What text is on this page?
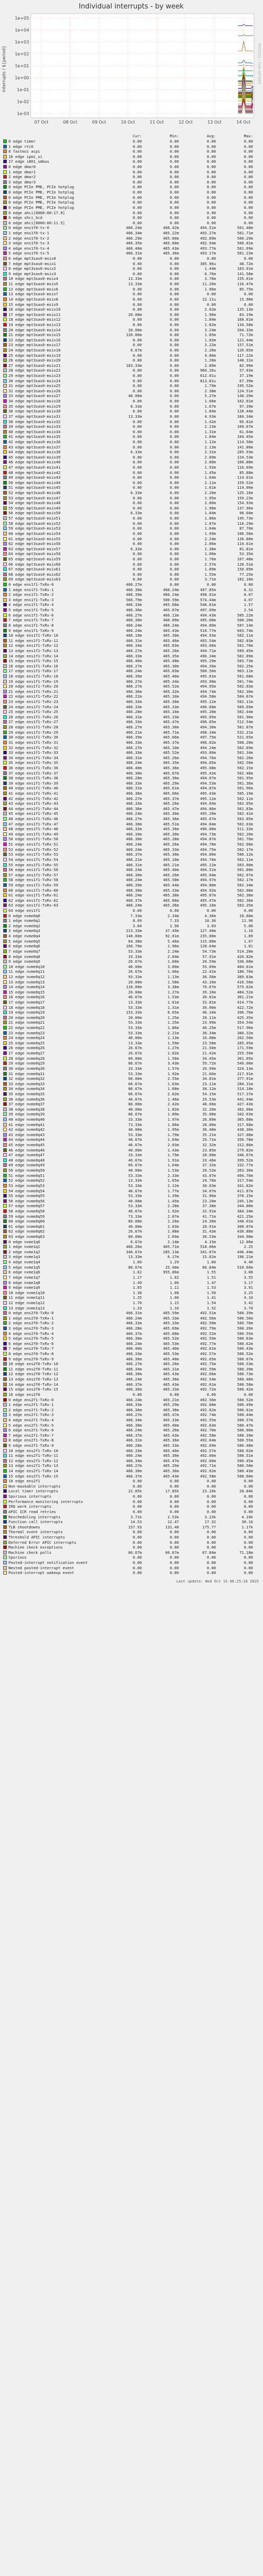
Individual interrupts - by week
interrupts / ${period}
1e+05
1e+04
1e+03
1e+02
1e+01
1e+00
1e-01
1e-02
1e-03
07 Oct	08 Oct	09 Oct	10 Oct	11 Oct	12 Oct	13 Oct	14 Oct
RRDTOOL / TOBI OETIKER
Cur:	Min:	Avg:	Max:
0 edge timer	0.00	0.00	0.00	0.00
1 edge rtc0	0.00	0.00	0.00	0.00
8 fasteoi acpi	0.00	0.00	0.00	0.00
16 edge ipmi_si	0.00	0.00	0.00	0.00
17 edge i801_smbus	0.00	0.00	0.00	0.00
0 edge dmar0	0.00	0.00	0.00	0.00
1 edge dmar1	0.00	0.00	0.00	0.00
2 edge dmar2	0.00	0.00	0.00	0.00
3 edge dmar3	0.00	0.00	0.00	0.00
0 edge PCIe PME, PCIe hotplug	0.00	0.00	0.00	0.00
0 edge PCIe PME, PCIe hotplug	0.00	0.00	0.00	0.00
0 edge PCIe PME, PCIe hotplug	0.00	0.00	0.00	0.00
0 edge PCIe PME, PCIe hotplug	0.00	0.00	0.00	0.00
0 edge PCIe PME, PCIe hotplug	0.00	0.00	0.00	0.00
0 edge ahci[0000:00:17.0]	0.00	0.00	0.00	0.00
0 edge xhci_hcd	0.00	0.00	0.00	0.00
0 edge ahci[0000:00:11.5]	0.00	0.00	0.00	0.00
0 edge ens1f0-tx-0	466.24m	466.42m	494.51m	501.48m
1 edge ens1f0-tx-1	466.34m	465.22m	493.27m	501.71m
2 edge ens1f0-tx-2	466.29m	465.60m	492.89m	500.29m
3 edge ens1f0-tx-3	466.35m	465.60m	492.94m	500.81m
4 edge ens1f0-tx-4	466.40m	465.43m	493.77m	501.69m
5 edge ens1f0-tx-5	466.31m	465.36m	493.17m	501.23m
6 edge mpt3sas0-msix0	0.00	0.00	0.00	0.00
7 edge mpt3sas0-msix1	0.00	0.00	305.96u	48.72m
8 edge mpt3sas0-msix2	0.00	0.00	1.44m	103.91m
9 edge mpt3sas0-msix3	0.00	0.00	6.76m	141.58m
10 edge mpt3sas0-msix4	13.33m	0.00	3.76m	155.01m
11 edge mpt3sas0-msix5	13.33m	0.00	11.26m	116.47m
12 edge mpt3sas0-msix6	0.00	0.00	1.96m	85.75m
13 edge mpt3sas0-msix7	0.00	0.00	0.00	0.00
14 edge mpt3sas0-msix8	0.00	0.00	22.11u	15.90m
15 edge mpt3sas0-msix9	0.00	0.00	0.00	0.00
16 edge mpt3sas0-msix10	0.00	0.00	2.02m	135.13m
17 edge mpt3sas0-msix11	20.00m	0.00	1.96m	83.19m
18 edge mpt3sas0-msix12	0.00	0.00	1.84m	168.61m
19 edge mpt3sas0-msix13	0.00	0.00	1.82m	134.58m
20 edge mpt3sas0-msix14	20.00m	0.00	3.24m	204.33m
21 edge mpt3sas0-msix15	120.00m	0.00	1.05m	71.72m
22 edge mpt3sas0-msix16	0.00	0.00	1.83m	121.44m
23 edge mpt3sas0-msix17	0.00	0.00	3.22m	157.51m
24 edge mpt3sas0-msix18	6.67m	0.00	2.26m	120.65m
25 edge mpt3sas0-msix19	0.00	0.00	4.06m	117.22m
26 edge mpt3sas0-msix20	0.00	0.00	1.20m	148.31m
27 edge mpt3sas0-msix21	183.33m	0.00	2.89m	82.99m
28 edge mpt3sas0-msix22	0.00	0.00	960.20u	57.03m
29 edge mpt3sas0-msix23	0.00	0.00	612.01u	37.19m
30 edge mpt3sas0-msix24	0.00	0.00	813.81u	67.39m
31 edge mpt3sas0-msix25	0.00	0.00	1.79m	195.52m
32 edge mpt3sas0-msix26	0.00	0.00	2.38m	124.51m
33 edge mpt3sas0-msix27	40.00m	0.00	5.27m	140.39m
34 edge mpt3sas0-msix28	0.00	0.00	1.66m	102.01m
35 edge mpt3sas0-msix29	6.33m	0.00	1.67m	97.39m
36 edge mpt3sas0-msix30	0.00	0.00	1.84m	128.44m
37 edge mpt3sas0-msix31	13.33m	0.00	4.93m	160.34m
38 edge mpt3sas0-msix32	0.00	0.00	1.42m	66.81m
39 edge mpt3sas0-msix33	0.00	0.00	2.13m	109.67m
40 edge mpt3sas0-msix34	0.00	0.00	1.31m	61.64m
41 edge mpt3sas0-msix35	0.00	0.00	1.84m	104.45m
42 edge mpt3sas0-msix36	0.00	0.00	1.12m	114.50m
43 edge mpt3sas0-msix37	0.00	0.00	2.13m	141.80m
44 edge mpt3sas0-msix38	6.33m	0.00	2.31m	205.93m
45 edge mpt3sas0-msix39	0.00	0.00	2.09m	124.53m
46 edge mpt3sas0-msix40	0.00	0.00	2.08m	166.88m
47 edge mpt3sas0-msix41	0.00	0.00	1.93m	116.69m
48 edge mpt3sas0-msix42	0.00	0.00	1.45m	85.88m
49 edge mpt3sas0-msix43	0.00	0.00	1.64m	114.01m
50 edge mpt3sas0-msix44	0.00	0.00	2.11m	159.52m
51 edge mpt3sas0-msix45	0.00	0.00	1.61m	114.06m
52 edge mpt3sas0-msix46	6.33m	0.00	2.20m	125.16m
53 edge mpt3sas0-msix47	0.00	0.00	1.95m	159.23m
54 edge mpt3sas0-msix48	0.00	0.00	2.80m	154.93m
55 edge mpt3sas0-msix49	0.00	0.00	1.98m	137.96m
56 edge mpt3sas0-msix50	6.33m	0.00	1.84m	98.60m
57 edge mpt3sas0-msix51	0.00	0.00	1.86m	145.73m
58 edge mpt3sas0-msix52	0.00	0.00	1.07m	118.29m
59 edge mpt3sas0-msix53	0.00	0.00	1.64m	87.70m
60 edge mpt3sas0-msix54	0.00	0.00	1.99m	106.58m
61 edge mpt3sas0-msix55	0.00	0.00	2.24m	126.80m
62 edge mpt3sas0-msix56	0.00	0.00	2.06m	110.61m
63 edge mpt3sas0-msix57	6.33m	0.00	1.38m	81.81m
64 edge mpt3sas0-msix58	0.00	0.00	1.06m	53.35m
65 edge mpt3sas0-msix59	0.00	0.00	1.76m	107.48m
66 edge mpt3sas0-msix60	0.00	0.00	2.57m	128.51m
67 edge mpt3sas0-msix61	0.00	0.00	1.89m	150.89m
68 edge mpt3sas0-msix62	0.00	0.00	1.55m	77.25m
69 edge mpt3sas0-msix63	0.00	0.00	3.71m	182.10m
0 edge ens1f1-TxRx-0	466.27m	0.00	0.00	0.00
1 edge ens1f1-TxRx-1	466.30m	466.24m	497.85m	8.31
2 edge ens1f1-TxRx-2	466.39m	466.24m	498.01m	8.07
3 edge ens1f1-TxRx-3	566.79m	500.59m	574.44m	4.07
4 edge ens1f1-TxRx-4	466.33m	465.66m	546.61m	1.57
5 edge ens1f1-TxRx-5	466.36m	465.67m	497.69m	2.54
6 edge ens1f1-TxRx-6	466.27m	466.13m	494.43m	505.22m
7 edge ens1f1-TxRx-7	466.30m	466.09m	495.08m	508.20m
8 edge ens1f1-TxRx-8	466.24m	466.24m	494.80m	507.14m
9 edge ens1f1-TxRx-9	466.24m	465.43m	510.77m	603.74m
10 edge ens1f1-TxRx-10	466.19m	465.30m	494.93m	502.11m
11 edge ens1f1-TxRx-11	466.31m	465.46m	493.54m	502.03m
12 edge ens1f1-TxRx-12	466.34m	465.83m	493.66m	501.70m
13 edge ens1f1-TxRx-13	466.27m	465.26m	494.71m	509.45m
14 edge ens1f1-TxRx-14	466.33m	465.35m	496.34m	502.89m
15 edge ens1f1-TxRx-15	466.46m	465.48m	495.29m	503.73m
16 edge ens1f1-TxRx-16	466.27m	465.30m	494.39m	502.25m
17 edge ens1f1-TxRx-17	466.24m	465.83m	500.56m	903.11m
18 edge ens1f1-TxRx-18	466.39m	465.40m	495.01m	501.68m
19 edge ens1f1-TxRx-19	466.27m	465.34m	493.98m	501.74m
20 edge ens1f1-TxRx-20	466.27m	465.52m	494.95m	502.03m
21 edge ens1f1-TxRx-21	466.36m	465.32m	494.74m	502.30m
22 edge ens1f1-TxRx-22	466.22m	465.10m	494.58m	504.67m
23 edge ens1f1-TxRx-23	466.33m	465.30m	495.12m	502.11m
24 edge ens1f1-TxRx-24	466.33m	465.33m	496.68m	509.69m
25 edge ens1f1-TxRx-25	466.28m	465.16m	495.20m	502.44m
26 edge ens1f1-TxRx-26	466.31m	465.33m	495.05m	501.96m
27 edge ens1f1-TxRx-27	466.33m	465.47m	496.05m	512.54m
28 edge ens1f1-TxRx-28	466.27m	465.30m	494.30m	501.87m
29 edge ens1f1-TxRx-29	466.21m	465.71m	498.34m	532.21m
30 edge ens1f1-TxRx-30	466.39m	465.66m	497.75m	521.65m
31 edge ens1f1-TxRx-31	466.33m	465.37m	496.02m	508.28m
32 edge ens1f1-TxRx-32	466.27m	465.10m	494.24m	502.69m
33 edge ens1f1-TxRx-33	466.33m	465.52m	493.80m	501.34m
34 edge ens1f1-TxRx-34	466.31m	465.26m	494.76m	502.26m
35 edge ens1f1-TxRx-35	466.24m	465.35m	494.85m	502.50m
36 edge ens1f1-TxRx-36	466.40m	465.36m	495.08m	502.15m
37 edge ens1f1-TxRx-37	466.30m	465.67m	495.42m	502.48m
38 edge ens1f1-TxRx-38	466.28m	465.36m	494.67m	501.95m
39 edge ens1f1-TxRx-39	466.33m	465.29m	494.53m	501.36m
40 edge ens1f1-TxRx-40	466.31m	465.61m	494.87m	501.96m
41 edge ens1f1-TxRx-41	466.36m	465.66m	495.43m	505.19m
42 edge ens1f1-TxRx-42	466.27m	465.37m	495.11m	502.11m
43 edge ens1f1-TxRx-43	466.33m	465.26m	494.69m	502.05m
44 edge ens1f1-TxRx-44	466.36m	465.47m	494.86m	501.83m
45 edge ens1f1-TxRx-45	466.24m	465.30m	495.20m	502.41m
46 edge ens1f1-TxRx-46	466.27m	465.36m	495.67m	502.85m
47 edge ens1f1-TxRx-47	466.30m	465.51m	494.84m	502.03m
48 edge ens1f1-TxRx-48	466.33m	465.36m	496.06m	511.33m
49 edge ens1f1-TxRx-49	466.34m	465.30m	494.73m	502.20m
50 edge ens1f1-TxRx-50	466.30m	465.28m	494.87m	501.76m
51 edge ens1f1-TxRx-51	466.24m	465.26m	494.78m	502.08m
52 edge ens1f1-TxRx-52	466.24m	465.33m	494.75m	502.17m
53 edge ens1f1-TxRx-53	466.37m	465.30m	494.86m	506.12m
54 edge ens1f1-TxRx-54	466.21m	465.10m	494.70m	502.11m
55 edge ens1f1-TxRx-55	466.31m	465.21m	495.12m	503.00m
56 edge ens1f1-TxRx-56	466.24m	465.40m	494.51m	501.80m
57 edge ens1f1-TxRx-57	466.30m	465.26m	495.04m	502.07m
58 edge ens1f1-TxRx-58	466.24m	465.58m	494.97m	502.17m
59 edge ens1f1-TxRx-59	466.39m	465.44m	494.80m	502.34m
60 edge ens1f1-TxRx-60	466.30m	465.33m	494.92m	502.08m
61 edge ens1f1-TxRx-61	466.24m	465.38m	495.07m	502.38m
62 edge ens1f1-TxRx-62	466.37m	465.66m	495.47m	502.36m
63 edge ens1f1-TxRx-63	466.24m	465.36m	495.18m	503.35m
64 edge ens1f1	0.00	0.00	0.00	0.00
0 edge nvme0q0	7.33m	2.34m	4.36m	18.88m
1 edge nvme0q1	8.69	7.33	10.36	11.96
2 edge nvme0q2	3.84	1.90	3.69	5.00
3 edge nvme0q3	213.33m	37.49m	127.40m	1.16
4 edge nvme0q4	140.00m	92.01m	235.00m	1.89
5 edge nvme0q5	64.38m	5.46m	115.80m	1.67
6 edge nvme0q6	166.70m	1.96m	128.64m	1.81
7 edge nvme0q7	53.33m	2.24m	54.73m	514.20m
8 edge nvme0q8	33.33m	2.84m	57.91m	426.82m
9 edge nvme0q9	26.67m	1.60m	20.59m	336.68m
10 edge nvme0q10	40.00m	3.60m	55.09m	404.61m
11 edge nvme0q11	26.67m	1.06m	22.41m	180.76m
12 edge nvme0q12	93.33m	1.13m	36.56m	389.63m
13 edge nvme0q13	20.00m	1.58m	43.16m	416.56m
14 edge nvme0q14	110.00m	3.38m	76.67m	575.62m
15 edge nvme0q15	20.00m	1.27m	39.16m	484.52m
16 edge nvme0q16	46.67m	1.53m	30.81m	361.21m
17 edge nvme0q17	13.33m	1.61m	33.81m	414.77m
18 edge nvme0q18	53.33m	1.31m	36.00m	422.72m
19 edge nvme0q19	153.33m	8.65m	46.34m	396.76m
20 edge nvme0q20	20.00m	1.25m	28.11m	425.35m
21 edge nvme0q21	53.33m	1.25m	23.99m	354.54m
22 edge nvme0q22	53.33m	1.86m	46.25m	517.96m
23 edge nvme0q23	53.33m	2.21m	36.34m	380.32m
24 edge nvme0q24	40.00m	1.13m	16.08m	202.50m
25 edge nvme0q25	13.33m	1.59m	23.58m	285.05m
26 edge nvme0q26	26.67m	1.27m	21.50m	171.59m
27 edge nvme0q27	26.67m	1.82m	21.42m	255.59m
28 edge nvme0q28	60.00m	1.56m	34.45m	361.05m
29 edge nvme0q29	86.67m	3.43m	59.72m	549.00m
30 edge nvme0q30	33.33m	1.57m	26.99m	324.13m
31 edge nvme0q31	53.33m	1.92m	21.60m	217.91m
32 edge nvme0q32	60.00m	2.55m	34.81m	377.91m
33 edge nvme0q33	66.67m	1.63m	23.11m	284.31m
34 edge nvme0q34	86.67m	1.68m	38.12m	314.18m
35 edge nvme0q35	66.67m	2.62m	54.15m	517.37m
36 edge nvme0q36	46.67m	1.46m	29.53m	441.44m
37 edge nvme0q37	80.00m	2.42m	48.66m	427.43m
38 edge nvme0q38	40.00m	1.82m	32.20m	302.06m
39 edge nvme0q39	86.67m	1.89m	35.08m	342.03m
40 edge nvme0q40	33.33m	1.97m	26.89m	365.68m
41 edge nvme0q41	73.33m	1.86m	28.80m	317.68m
42 edge nvme0q42	40.00m	1.95m	36.40m	438.36m
43 edge nvme0q43	53.33m	1.79m	35.21m	327.08m
44 edge nvme0q44	46.67m	1.64m	29.71m	356.78m
45 edge nvme0q45	46.67m	2.03m	32.32m	312.86m
46 edge nvme0q46	40.00m	1.43m	23.85m	279.82m
47 edge nvme0q47	33.33m	1.79m	28.00m	346.67m
48 edge nvme0q48	46.67m	1.91m	33.46m	399.52m
49 edge nvme0q49	66.67m	1.64m	37.32m	332.77m
50 edge nvme0q50	40.00m	1.53m	20.53m	263.30m
51 edge nvme0q51	53.33m	2.33m	43.07m	494.70m
52 edge nvme0q52	13.33m	1.65m	24.70m	317.54m
53 edge nvme0q53	53.33m	2.12m	30.03m	341.82m
54 edge nvme0q54	46.67m	1.77m	34.07m	411.87m
55 edge nvme0q55	53.33m	1.39m	31.96m	378.15m
56 edge nvme0q56	40.00m	1.45m	23.20m	245.13m
57 edge nvme0q57	53.33m	2.28m	37.38m	344.80m
58 edge nvme0q58	46.67m	1.92m	32.91m	384.34m
59 edge nvme0q59	73.33m	2.07m	41.71m	421.25m
60 edge nvme0q60	60.00m	1.26m	24.30m	340.01m
61 edge nvme0q61	40.00m	2.03m	28.91m	300.07m
62 edge nvme0q62	26.67m	1.88m	31.43m	438.88m
63 edge nvme0q63	60.00m	2.69m	36.53m	344.98m
0 edge nvme1q0	6.67m	2.14m	4.15m	12.06m
1 edge nvme1q1	466.26m	465.71m	518.06m	2.25
2 edge nvme1q2	346.67m	285.13m	341.07m	446.44m
3 edge nvme1q3	13.33m	6.17m	15.62m	196.21m
4 edge nvme1q4	1.60	1.29	1.60	4.40
5 edge nvme1q5	86.67m	25.40m	86.84m	510.60m
6 edge nvme1q6	1.62	955.86m	1.55	3.08
7 edge nvme1q7	1.17	1.02	1.51	3.55
8 edge nvme1q8	1.49	1.06	1.47	3.17
9 edge nvme1q9	1.65	1.11	1.53	3.91
10 edge nvme1q10	1.38	1.08	1.50	3.25
11 edge nvme1q11	1.25	1.00	1.41	4.10
12 edge nvme1q12	1.70	1.15	1.54	3.42
13 edge nvme1q13	1.33	1.10	1.52	3.70
0 edge ens2f0-TxRx-0	466.31m	465.59m	492.51m	500.39m
1 edge ens2f0-TxRx-1	466.24m	465.33m	492.56m	500.56m
2 edge ens2f0-TxRx-2	466.33m	465.33m	492.50m	500.70m
3 edge ens2f0-TxRx-3	466.28m	465.69m	492.79m	500.39m
4 edge ens2f0-TxRx-4	466.37m	465.60m	492.52m	500.55m
5 edge ens2f0-TxRx-5	466.30m	465.52m	492.59m	500.63m
6 edge ens2f0-TxRx-6	466.24m	465.53m	492.77m	500.62m
7 edge ens2f0-TxRx-7	466.40m	465.40m	492.61m	500.43m
8 edge ens2f0-TxRx-8	466.33m	465.53m	492.57m	500.52m
9 edge ens2f0-TxRx-9	466.30m	465.40m	492.65m	500.67m
10 edge ens2f0-TxRx-10	466.27m	465.26m	492.75m	500.53m
11 edge ens2f0-TxRx-11	466.34m	465.31m	492.59m	500.39m
12 edge ens2f0-TxRx-12	466.30m	465.43m	492.66m	500.73m
13 edge ens2f0-TxRx-13	466.24m	465.36m	492.54m	500.46m
14 edge ens2f0-TxRx-14	466.37m	465.43m	492.61m	500.58m
15 edge ens2f0-TxRx-15	466.30m	465.33m	492.72m	500.42m
16 edge ens2f0	0.00	0.00	0.00	0.00
0 edge ens2f1-TxRx-0	466.24m	465.21m	492.56m	500.52m
1 edge ens2f1-TxRx-1	466.33m	465.29m	492.68m	500.49m
2 edge ens2f1-TxRx-2	466.30m	465.38m	492.62m	500.61m
3 edge ens2f1-TxRx-3	466.27m	465.47m	492.74m	500.44m
4 edge ens2f1-TxRx-4	466.34m	465.33m	492.55m	500.57m
5 edge ens2f1-TxRx-5	466.30m	465.40m	492.63m	500.47m
6 edge ens2f1-TxRx-6	466.24m	465.26m	492.70m	500.66m
7 edge ens2f1-TxRx-7	466.37m	465.43m	492.58m	500.39m
8 edge ens2f1-TxRx-8	466.31m	465.36m	492.64m	500.55m
9 edge ens2f1-TxRx-9	466.28m	465.33m	492.69m	500.48m
10 edge ens2f1-TxRx-10	466.33m	465.40m	492.57m	500.62m
11 edge ens2f1-TxRx-11	466.24m	465.30m	492.66m	500.51m
12 edge ens2f1-TxRx-12	466.34m	465.47m	492.60m	500.45m
13 edge ens2f1-TxRx-13	466.27m	465.29m	492.71m	500.58m
14 edge ens2f1-TxRx-14	466.30m	465.36m	492.62m	500.43m
15 edge ens2f1-TxRx-15	466.37m	465.43m	492.58m	500.60m
16 edge ens2f1	0.00	0.00	0.00	0.00
Non-maskable interrupts	0.00	0.00	0.00	0.00
Local timer interrupts	22.85k	17.85k	23.10k	28.84k
Spurious interrupts	0.00	0.00	0.00	0.00
Performance monitoring interrupts	0.00	0.00	0.00	0.00
IRQ work interrupts	0.00	0.00	0.00	0.00
APIC ICR read retries	0.00	0.00	0.00	0.00
Rescheduling interrupts	3.71k	2.53k	3.23k	4.10k
Function call interrupts	14.53	12.47	17.32	30.16
TLB shootdowns	157.93	131.48	175.77	1.17k
Thermal event interrupts	0.00	0.00	0.00	0.00
Threshold APIC interrupts	0.00	0.00	0.00	0.00
Deferred Error APIC interrupts	0.00	0.00	0.00	0.00
Machine check exceptions	0.00	0.00	0.00	0.00
Machine check polls	66.67m	66.67m	67.84m	71.18m
Spurious	0.00	0.00	0.00	0.00
Posted-interrupt notification event	0.00	0.00	0.00	0.00
Nested posted-interrupt event	0.00	0.00	0.00	0.00
Posted-interrupt wakeup event	0.00	0.00	0.00	0.00
Last update: Wed Oct 15 06:25:18 2025
